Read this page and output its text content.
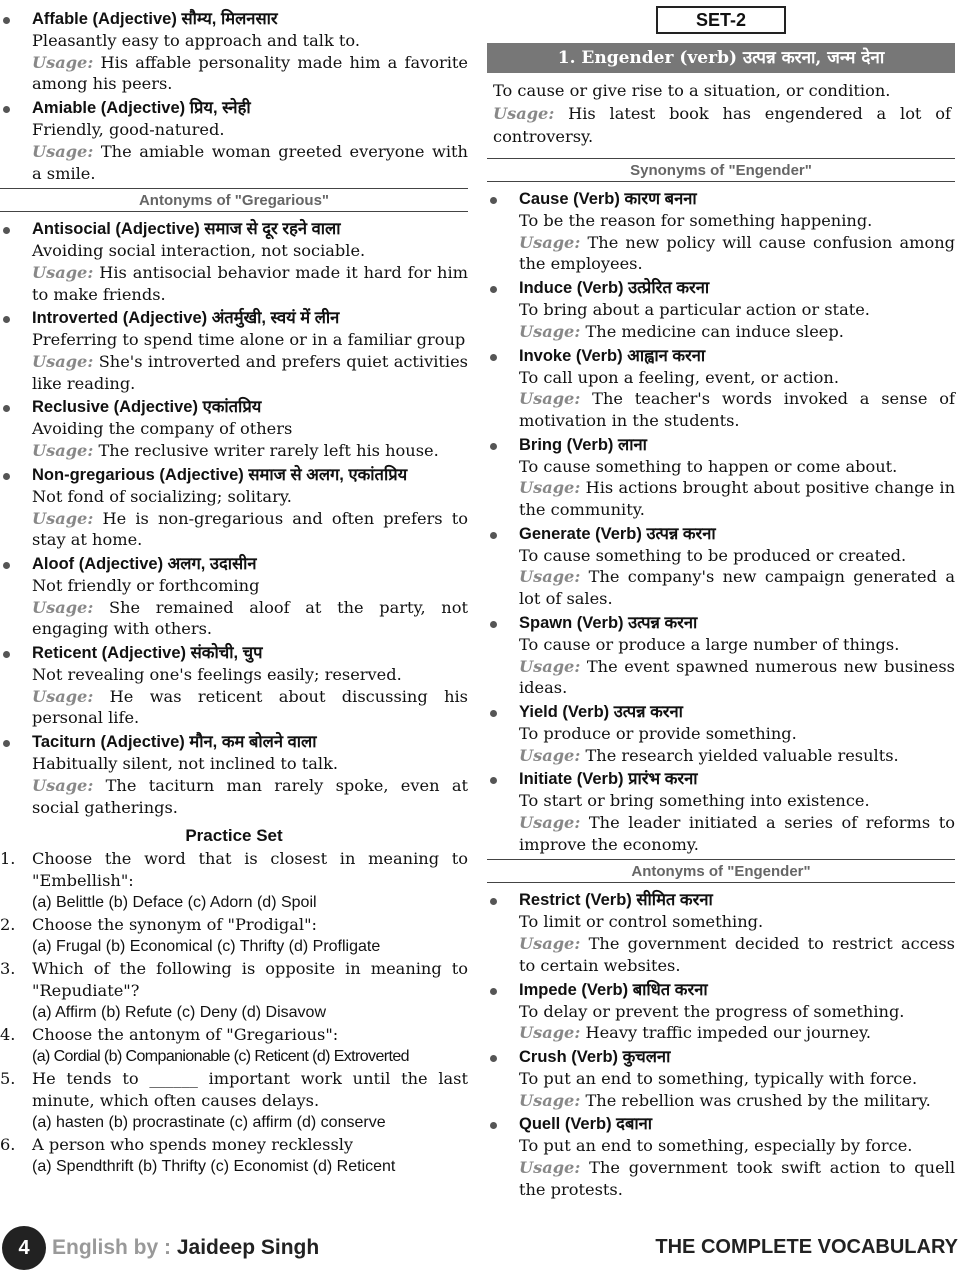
Affable (Adjective) सौम्य, मिलनसार
Pleasantly easy to approach and talk to.
Usage: His affable personality made him a favorite among his peers.
Amiable (Adjective) प्रिय, स्नेही
Friendly, good-natured.
Usage: The amiable woman greeted everyone with a smile.
Antonyms of "Gregarious"
Antisocial (Adjective) समाज से दूर रहने वाला
Avoiding social interaction, not sociable.
Usage: His antisocial behavior made it hard for him to make friends.
Introverted (Adjective) अंतर्मुखी, स्वयं में लीन
Preferring to spend time alone or in a familiar group
Usage: She's introverted and prefers quiet activities like reading.
Reclusive (Adjective) एकांतप्रिय
Avoiding the company of others
Usage: The reclusive writer rarely left his house.
Non-gregarious (Adjective) समाज से अलग, एकांतप्रिय
Not fond of socializing; solitary.
Usage: He is non-gregarious and often prefers to stay at home.
Aloof (Adjective) अलग, उदासीन
Not friendly or forthcoming
Usage: She remained aloof at the party, not engaging with others.
Reticent (Adjective) संकोची, चुप
Not revealing one's feelings easily; reserved.
Usage: He was reticent about discussing his personal life.
Taciturn (Adjective) मौन, कम बोलने वाला
Habitually silent, not inclined to talk.
Usage: The taciturn man rarely spoke, even at social gatherings.
Practice Set
1. Choose the word that is closest in meaning to "Embellish":
(a) Belittle (b) Deface (c) Adorn (d) Spoil
2. Choose the synonym of "Prodigal":
(a) Frugal (b) Economical (c) Thrifty (d) Profligate
3. Which of the following is opposite in meaning to "Repudiate"?
(a) Affirm (b) Refute (c) Deny (d) Disavow
4. Choose the antonym of "Gregarious":
(a) Cordial (b) Companionable (c) Reticent (d) Extroverted
5. He tends to ______ important work until the last minute, which often causes delays.
(a) hasten (b) procrastinate (c) affirm (d) conserve
6. A person who spends money recklessly
(a) Spendthrift (b) Thrifty (c) Economist (d) Reticent
SET-2
1. Engender (verb) उत्पन्न करना, जन्म देना
To cause or give rise to a situation, or condition.
Usage: His latest book has engendered a lot of controversy.
Synonyms of "Engender"
Cause (Verb) कारण बनना
To be the reason for something happening.
Usage: The new policy will cause confusion among the employees.
Induce (Verb) उत्प्रेरित करना
To bring about a particular action or state.
Usage: The medicine can induce sleep.
Invoke (Verb) आह्वान करना
To call upon a feeling, event, or action.
Usage: The teacher's words invoked a sense of motivation in the students.
Bring (Verb) लाना
To cause something to happen or come about.
Usage: His actions brought about positive change in the community.
Generate (Verb) उत्पन्न करना
To cause something to be produced or created.
Usage: The company's new campaign generated a lot of sales.
Spawn (Verb) उत्पन्न करना
To cause or produce a large number of things.
Usage: The event spawned numerous new business ideas.
Yield (Verb) उत्पन्न करना
To produce or provide something.
Usage: The research yielded valuable results.
Initiate (Verb) प्रारंभ करना
To start or bring something into existence.
Usage: The leader initiated a series of reforms to improve the economy.
Antonyms of "Engender"
Restrict (Verb) सीमित करना
To limit or control something.
Usage: The government decided to restrict access to certain websites.
Impede (Verb) बाधित करना
To delay or prevent the progress of something.
Usage: Heavy traffic impeded our journey.
Crush (Verb) कुचलना
To put an end to something, typically with force.
Usage: The rebellion was crushed by the military.
Quell (Verb) दबाना
To put an end to something, especially by force.
Usage: The government took swift action to quell the protests.
4	English by : Jaideep Singh	THE COMPLETE VOCABULARY
